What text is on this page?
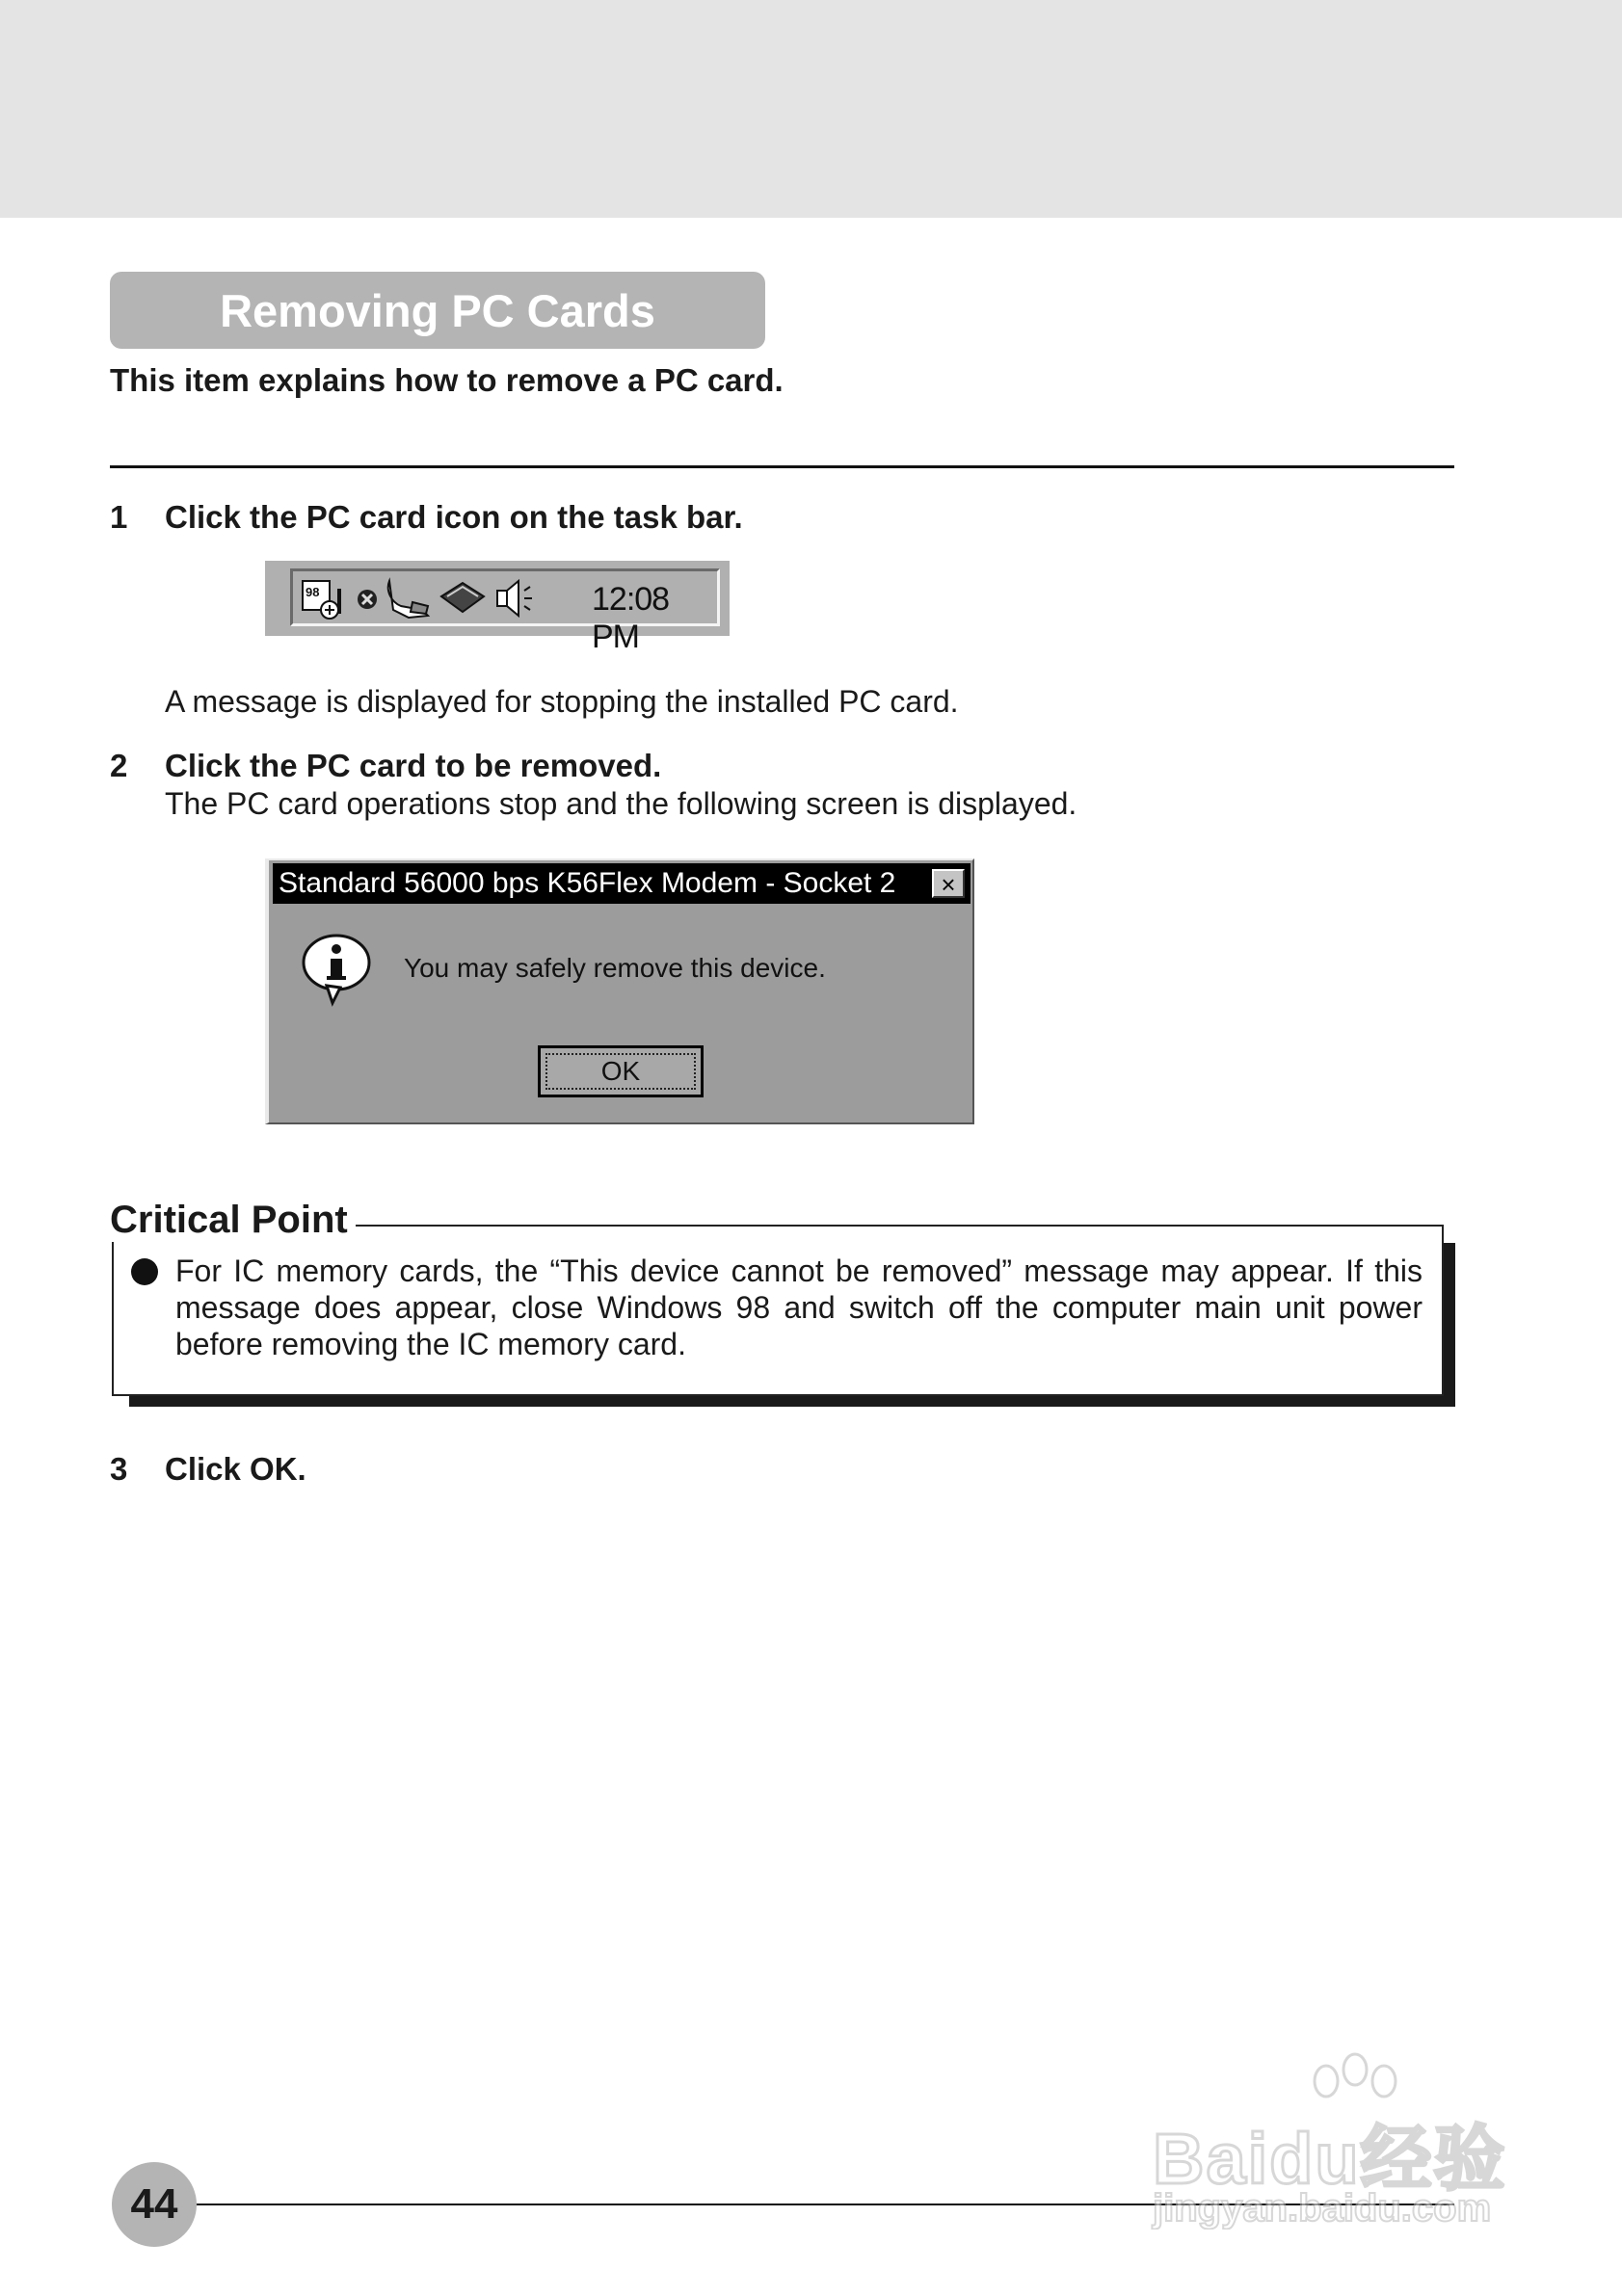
Removing PC Cards
This item explains how to remove a PC card.
1 Click the PC card icon on the task bar.
98	12:08 PM
A message is displayed for stopping the installed PC card.
2 Click the PC card to be removed.
The PC card operations stop and the following screen is displayed.
Standard 56000 bps K56Flex Modem - Socket 2	×
You may safely remove this device.
OK
Critical Point
For IC memory cards, the “This device cannot be removed” message may appear. If this message does appear, close Windows 98 and switch off the computer main unit power before removing the IC memory card.
3 Click OK.
44
Baidu经验
jingyan.baidu.com
